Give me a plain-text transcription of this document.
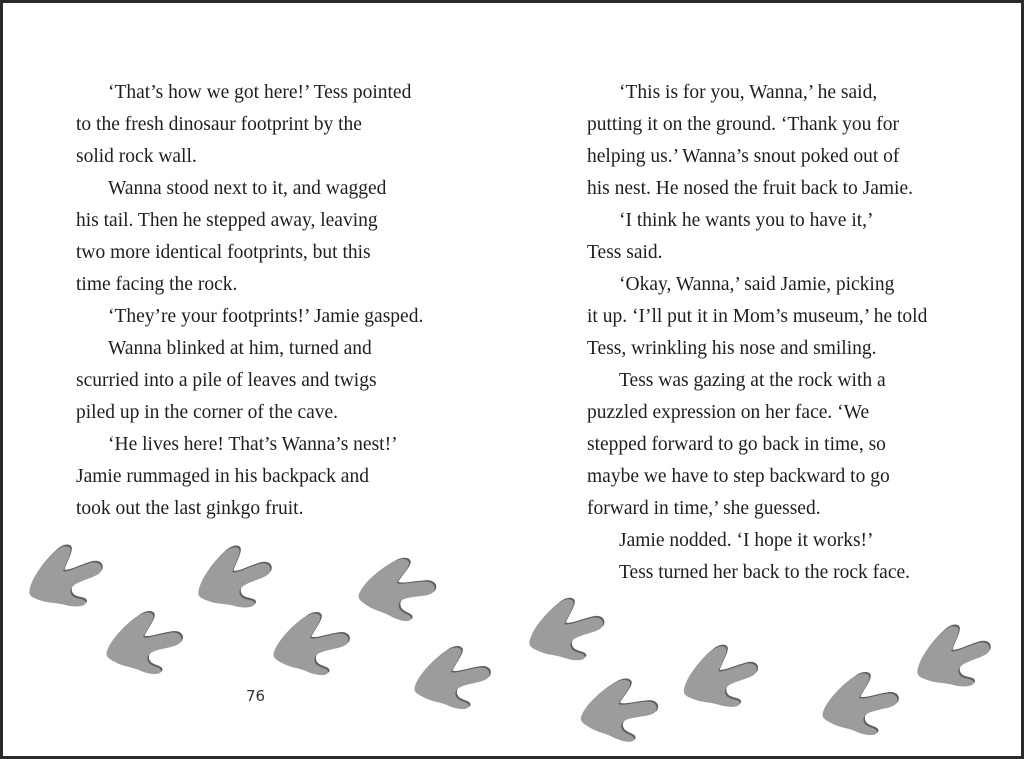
‘That’s how we got here!’ Tess pointed
to the fresh dinosaur footprint by the
solid rock wall.
Wanna stood next to it, and wagged
his tail. Then he stepped away, leaving
two more identical footprints, but this
time facing the rock.
‘They’re your footprints!’ Jamie gasped.
Wanna blinked at him, turned and
scurried into a pile of leaves and twigs
piled up in the corner of the cave.
‘He lives here! That’s Wanna’s nest!’
Jamie rummaged in his backpack and
took out the last ginkgo fruit.
‘This is for you, Wanna,’ he said,
putting it on the ground. ‘Thank you for
helping us.’ Wanna’s snout poked out of
his nest. He nosed the fruit back to Jamie.
‘I think he wants you to have it,’
Tess said.
‘Okay, Wanna,’ said Jamie, picking
it up. ‘I’ll put it in Mom’s museum,’ he told
Tess, wrinkling his nose and smiling.
Tess was gazing at the rock with a
puzzled expression on her face. ‘We
stepped forward to go back in time, so
maybe we have to step backward to go
forward in time,’ she guessed.
Jamie nodded. ‘I hope it works!’
Tess turned her back to the rock face.
76
